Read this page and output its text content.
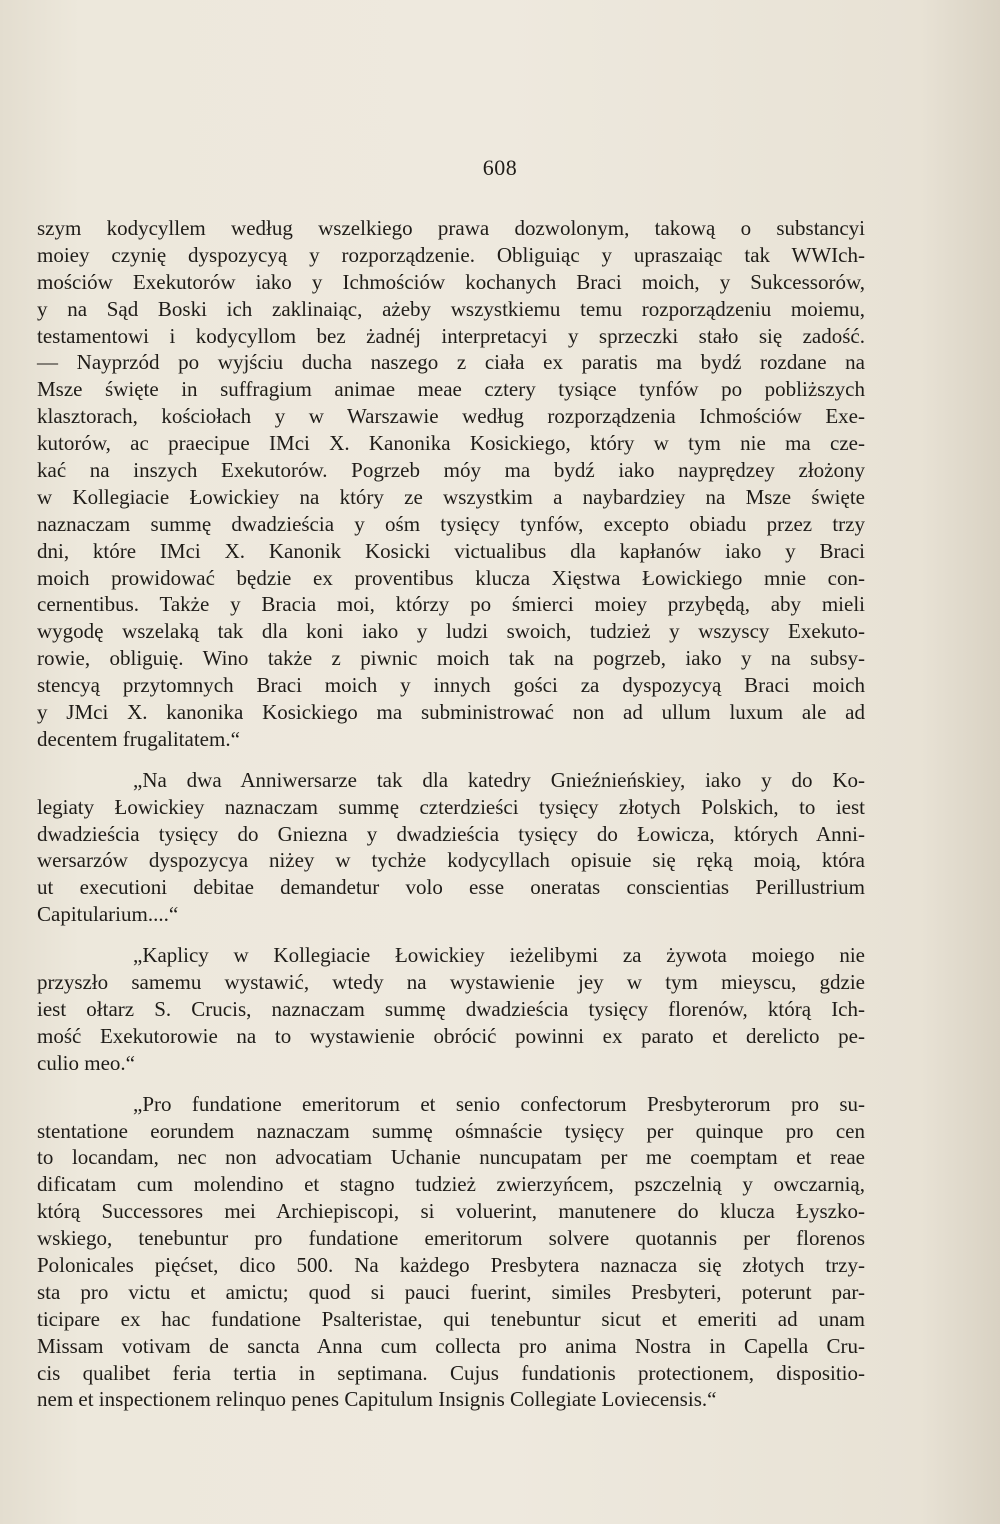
608
szym kodycyllem według wszelkiego prawa dozwolonym, takową o substancyi
moiey czynię dyspozycyą y rozporządzenie. Obliguiąc y upraszaiąc tak WWIch-
mościów Exekutorów iako y Ichmościów kochanych Braci moich, y Sukcessorów,
y na Sąd Boski ich zaklinaiąc, ażeby wszystkiemu temu rozporządzeniu moiemu,
testamentowi i kodycyllom bez żadnéj interpretacyi y sprzeczki stało się zadość.
— Nayprzód po wyjściu ducha naszego z ciała ex paratis ma bydź rozdane na
Msze święte in suffragium animae meae cztery tysiące tynfów po pobliższych
klasztorach, kościołach y w Warszawie według rozporządzenia Ichmościów Exe-
kutorów, ac praecipue IMci X. Kanonika Kosickiego, który w tym nie ma cze-
kać na inszych Exekutorów. Pogrzeb móy ma bydź iako nayprędzey złożony
w Kollegiacie Łowickiey na który ze wszystkim a naybardziey na Msze święte
naznaczam summę dwadzieścia y ośm tysięcy tynfów, excepto obiadu przez trzy
dni, które IMci X. Kanonik Kosicki victualibus dla kapłanów iako y Braci
moich prowidować będzie ex proventibus klucza Xięstwa Łowickiego mnie con-
cernentibus. Także y Bracia moi, którzy po śmierci moiey przybędą, aby mieli
wygodę wszelaką tak dla koni iako y ludzi swoich, tudzież y wszyscy Exekuto-
rowie, obliguię. Wino także z piwnic moich tak na pogrzeb, iako y na subsy-
stencyą przytomnych Braci moich y innych gości za dyspozycyą Braci moich
y JMci X. kanonika Kosickiego ma subministrować non ad ullum luxum ale ad
decentem frugalitatem.“
„Na dwa Anniwersarze tak dla katedry Gnieźnieńskiey, iako y do Ko-
legiaty Łowickiey naznaczam summę czterdzieści tysięcy złotych Polskich, to iest
dwadzieścia tysięcy do Gniezna y dwadzieścia tysięcy do Łowicza, których Anni-
wersarzów dyspozycya niżey w tychże kodycyllach opisuie się ręką moią, która
ut executioni debitae demandetur volo esse oneratas conscientias Perillustrium
Capitularium....“
„Kaplicy w Kollegiacie Łowickiey ieżelibymi za żywota moiego nie
przyszło samemu wystawić, wtedy na wystawienie jey w tym mieyscu, gdzie
iest ołtarz S. Crucis, naznaczam summę dwadzieścia tysięcy florenów, którą Ich-
mość Exekutorowie na to wystawienie obrócić powinni ex parato et derelicto pe-
culio meo.“
„Pro fundatione emeritorum et senio confectorum Presbyterorum pro su-
stentatione eorundem naznaczam summę ośmnaście tysięcy per quinque pro cen
to locandam, nec non advocatiam Uchanie nuncupatam per me coemptam et reae
dificatam cum molendino et stagno tudzież zwierzyńcem, pszczelnią y owczarnią,
którą Successores mei Archiepiscopi, si voluerint, manutenere do klucza Łyszko-
wskiego, tenebuntur pro fundatione emeritorum solvere quotannis per florenos
Polonicales pięćset, dico 500. Na każdego Presbytera naznacza się złotych trzy-
sta pro victu et amictu; quod si pauci fuerint, similes Presbyteri, poterunt par-
ticipare ex hac fundatione Psalteristae, qui tenebuntur sicut et emeriti ad unam
Missam votivam de sancta Anna cum collecta pro anima Nostra in Capella Cru-
cis qualibet feria tertia in septimana. Cujus fundationis protectionem, dispositio-
nem et inspectionem relinquo penes Capitulum Insignis Collegiate Loviecensis.“
